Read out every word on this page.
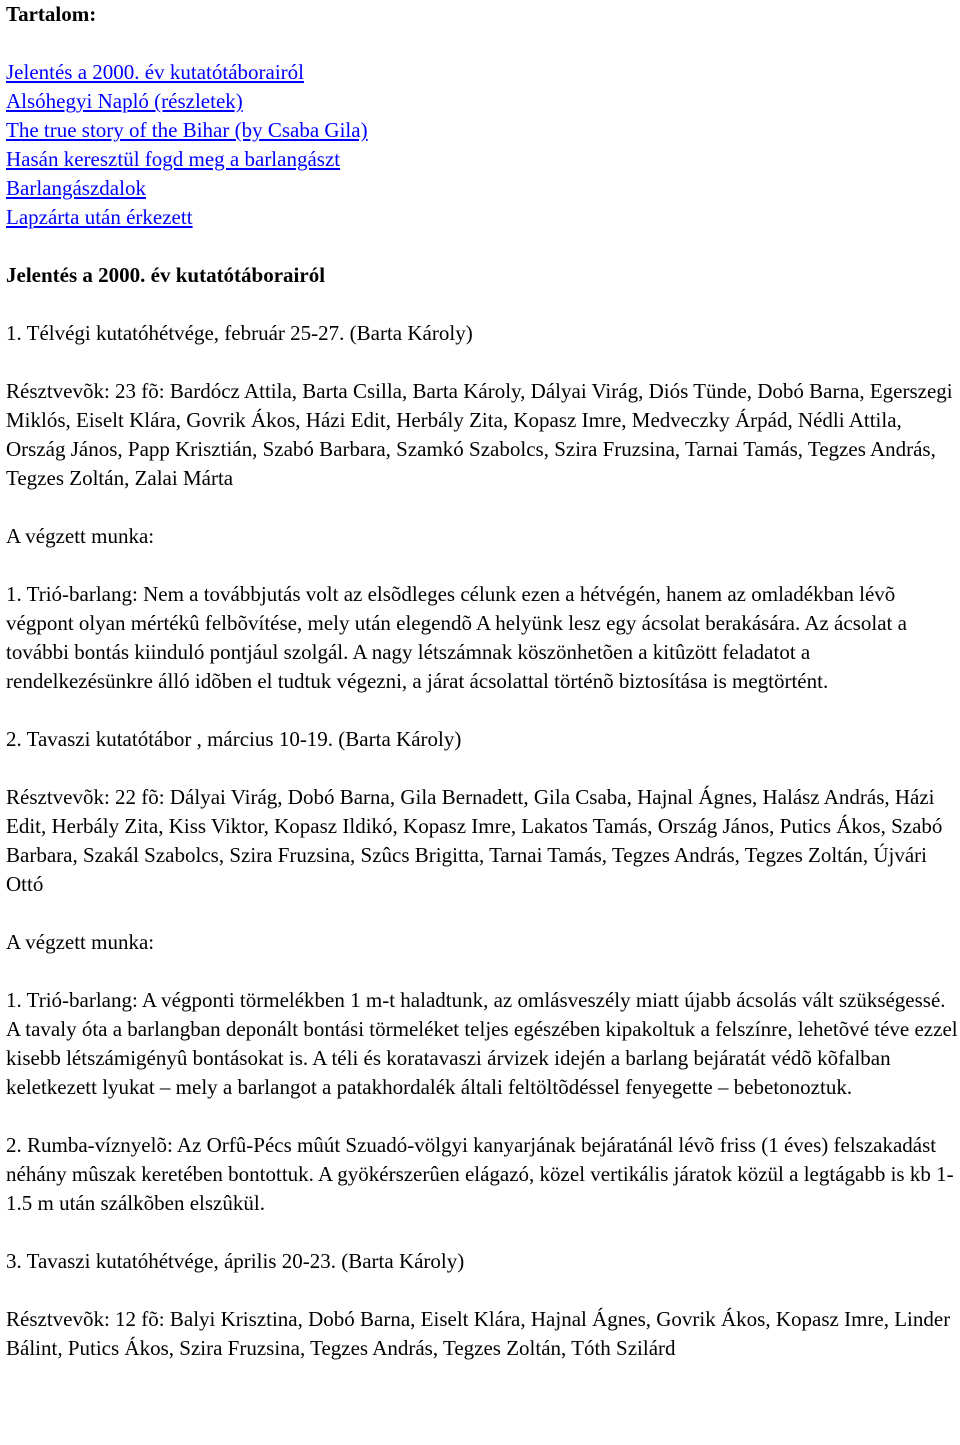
Tartalom:
Jelentés a 2000. év kutatótáborairól
Alsóhegyi Napló (részletek)
The true story of the Bihar (by Csaba Gila)
Hasán keresztül fogd meg a barlangászt
Barlangászdalok
Lapzárta után érkezett
Jelentés a 2000. év kutatótáborairól

1. Télvégi kutatóhétvége, február 25-27. (Barta Károly)

Résztvevõk: 23 fõ: Bardócz Attila, Barta Csilla, Barta Károly, Dályai Virág, Diós Tünde, Dobó Barna, Egerszegi Miklós, Eiselt Klára, Govrik Ákos, Házi Edit, Herbály Zita, Kopasz Imre, Medveczky Árpád, Nédli Attila, Ország János, Papp Krisztián, Szabó Barbara, Szamkó Szabolcs, Szira Fruzsina, Tarnai Tamás, Tegzes András, Tegzes Zoltán, Zalai Márta

A végzett munka:

1. Trió-barlang: Nem a továbbjutás volt az elsõdleges célunk ezen a hétvégén, hanem az omladékban lévõ végpont olyan mértékû felbõvítése, mely után elegendõ A helyünk lesz egy ácsolat berakására. Az ácsolat a további bontás kiinduló pontjául szolgál. A nagy létszámnak köszönhetõen a kitûzött feladatot a rendelkezésünkre álló idõben el tudtuk végezni, a járat ácsolattal történõ biztosítása is megtörtént.

2. Tavaszi kutatótábor , március 10-19. (Barta Károly)

Résztvevõk: 22 fõ: Dályai Virág, Dobó Barna, Gila Bernadett, Gila Csaba, Hajnal Ágnes, Halász András, Házi Edit, Herbály Zita, Kiss Viktor, Kopasz Ildikó, Kopasz Imre, Lakatos Tamás, Ország János, Putics Ákos, Szabó Barbara, Szakál Szabolcs, Szira Fruzsina, Szûcs Brigitta, Tarnai Tamás, Tegzes András, Tegzes Zoltán, Újvári Ottó

A végzett munka:

1. Trió-barlang: A végponti törmelékben 1 m-t haladtunk, az omlásveszély miatt újabb ácsolás vált szükségessé. A tavaly óta a barlangban deponált bontási törmeléket teljes egészében kipakoltuk a felszínre, lehetõvé téve ezzel kisebb létszámigényû bontásokat is. A téli és koratavaszi árvizek idején a barlang bejáratát védõ kõfalban keletkezett lyukat – mely a barlangot a patakhordalék általi feltöltõdéssel fenyegette – bebetonoztuk.

2. Rumba-víznyelõ: Az Orfû-Pécs mûút Szuadó-völgyi kanyarjának bejáratánál lévõ friss (1 éves) felszakadást néhány mûszak keretében bontottuk. A gyökérszerûen elágazó, közel vertikális járatok közül a legtágabb is kb 1-1.5 m után szálkõben elszûkül.

3. Tavaszi kutatóhétvége, április 20-23. (Barta Károly)

Résztvevõk: 12 fõ: Balyi Krisztina, Dobó Barna, Eiselt Klára, Hajnal Ágnes, Govrik Ákos, Kopasz Imre, Linder Bálint, Putics Ákos, Szira Fruzsina, Tegzes András, Tegzes Zoltán, Tóth Szilárd
